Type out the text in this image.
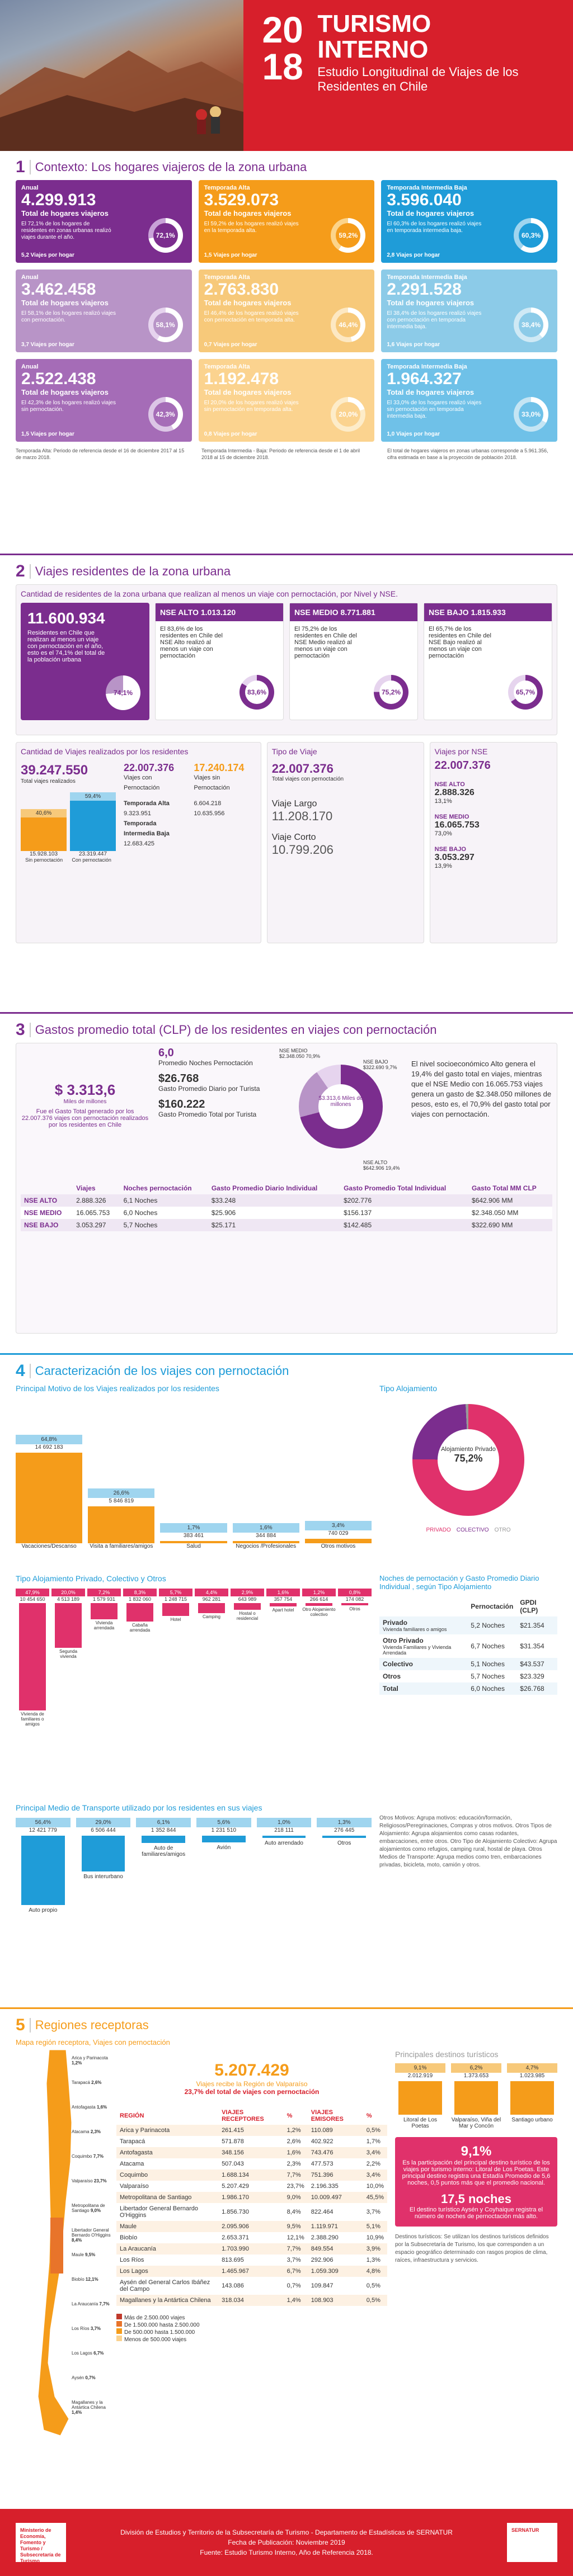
20
18
TURISMO
INTERNO
Estudio Longitudinal de Viajes de los Residentes en Chile
1 Contexto: Los hogares viajeros de la zona urbana
Anual
4.299.913
Total de hogares viajeros
El 72,1% de los hogares de residentes en zonas urbanas realizó viajes durante el año.
5,2 Viajes por hogar
72,1%
Temporada Alta
3.529.073
Total de hogares viajeros
El 59,2% de los hogares realizó viajes en la temporada alta.
1,5 Viajes por hogar
59,2%
Temporada Intermedia Baja
3.596.040
Total de hogares viajeros
El 60,3% de los hogares realizó viajes en temporada intermedia baja.
2,8 Viajes por hogar
60,3%
Anual
3.462.458
Total de hogares viajeros
El 58,1% de los hogares realizó viajes con pernoctación.
3,7 Viajes por hogar
58,1%
Temporada Alta
2.763.830
Total de hogares viajeros
El 46,4% de los hogares realizó viajes con pernoctación en temporada alta.
0,7 Viajes por hogar
46,4%
Temporada Intermedia Baja
2.291.528
Total de hogares viajeros
El 38,4% de los hogares realizó viajes con pernoctación en temporada intermedia baja.
1,6 Viajes por hogar
38,4%
Anual
2.522.438
Total de hogares viajeros
El 42,3% de los hogares realizó viajes sin pernoctación.
1,5 Viajes por hogar
42,3%
Temporada Alta
1.192.478
Total de hogares viajeros
El 20,0% de los hogares realizó viajes sin pernoctación en temporada alta.
0,8 Viajes por hogar
20,0%
Temporada Intermedia Baja
1.964.327
Total de hogares viajeros
El 33,0% de los hogares realizó viajes sin pernoctación en temporada intermedia baja.
1,0 Viajes por hogar
33,0%

Temporada Alta: Periodo de referencia desde el 16 de diciembre 2017 al 15 de marzo 2018.

Temporada Intermedia - Baja: Periodo de referencia desde el 1 de abril 2018 al 15 de diciembre 2018.

El total de hogares viajeros en zonas urbanas corresponde a 5.961.356, cifra estimada en base a la proyección de población 2018.

2 Viajes residentes de la zona urbana
Cantidad de residentes de la zona urbana que realizan al menos un viaje con pernoctación, por Nivel y NSE.
11.600.934
Residentes en Chile que realizan al menos un viaje con pernoctación en el año, esto es el 74,1% del total de la población urbana
74,1%
NSE ALTO 1.013.120
El 83,6% de los residentes en Chile del NSE Alto realizó al menos un viaje con pernoctación
83,6%
NSE MEDIO 8.771.881
El 75,2% de los residentes en Chile del NSE Medio realizó al menos un viaje con pernoctación
75,2%
NSE BAJO 1.815.933
El 65,7% de los residentes en Chile del NSE Bajo realizó al menos un viaje con pernoctación
65,7%
Cantidad de Viajes realizados por los residentes
39.247.550
Total viajes realizados
40,6%
15.928.103
59,4%
23.319.447
Sin pernoctación Con pernoctación
22.007.376
Viajes con Pernoctación
Temporada Alta 9.323.951
Temporada Intermedia Baja 12.683.425
17.240.174
Viajes sin Pernoctación
6.604.218
10.635.956
Tipo de Viaje
22.007.376
Total viajes con pernoctación
Viaje Largo
11.208.170
Viaje Corto
10.799.206
Viajes por NSE
22.007.376
NSE ALTO
2.888.326
13,1%
NSE MEDIO
16.065.753
73,0%
NSE BAJO
3.053.297
13,9%
3 Gastos promedio total (CLP) de los residentes en viajes con pernoctación
$ 3.313,6
Miles de millones
Fue el Gasto Total generado por los 22.007.376 viajes con pernoctación realizados por los residentes en Chile
6,0
Promedio Noches Pernoctación
$26.768
Gasto Promedio Diario por Turista
$160.222
Gasto Promedio Total por Turista
$3.313,6 Miles de millones
NSE MEDIO $2.348.050 70,9%
NSE BAJO $322.690 9,7%
NSE ALTO $642.906 19,4%
El nivel socioeconómico Alto genera el 19,4% del gasto total en viajes, mientras que el NSE Medio con 16.065.753 viajes genera un gasto de $2.348.050 millones de pesos, esto es, el 70,9% del gasto total por viajes con pernoctación.
	Viajes	Noches pernoctación	Gasto Promedio Diario Individual	Gasto Promedio Total Individual	Gasto Total MM CLP
NSE ALTO	2.888.326	6,1 Noches	$33.248	$202.776	$642.906 MM
NSE MEDIO	16.065.753	6,0 Noches	$25.906	$156.137	$2.348.050 MM
NSE BAJO	3.053.297	5,7 Noches	$25.171	$142.485	$322.690 MM
4 Caracterización de los viajes con pernoctación
Principal Motivo de los Viajes realizados por los residentes
64,8%
14 692 183
Vacaciones/Descanso
26,6%
5 846 819
Visita a familiares/amigos
1,7%
383 461
Salud
1,6%
344 884
Negocios /Profesionales
3,4%
740 029
Otros motivos
Tipo Alojamiento
Alojamiento Privado
75,2%
PRIVADO COLECTIVO OTRO
Tipo Alojamiento Privado, Colectivo y Otros
47,9%
10 454 650
Vivienda de familiares o amigos
20,0%
4 513 189
Segunda vivienda
7,2%
1 579 931
Vivienda arrendada
8,3%
1 832 060
Cabaña arrendada
5,7%
1 248 715
Hotel
4,4%
962 281
Camping
2,9%
643 989
Hostal o residencial
1,6%
357 754
Apart hotel
1,2%
266 614
Otro Alojamiento colectivo
0,8%
174 082
Otros
Noches de pernoctación y Gasto Promedio Diario Individual , según Tipo Alojamiento
	Pernoctación	GPDI (CLP)
Privado
Vivienda familiares o amigos	5,2 Noches	$21.354
Otro Privado
Vivienda Familiares y Vivienda Arrendada	6,7 Noches	$31.354
Colectivo	5,1 Noches	$43.537
Otros	5,7 Noches	$23.329
Total	6,0 Noches	$26.768
Principal Medio de Transporte utilizado por los residentes en sus viajes
56,4%
12 421 779
Auto propio
29,0%
6 506 444
Bus interurbano
6,1%
1 352 844
Auto de familiares/amigos
5,6%
1 231 510
Avión
1,0%
218 111
Auto arrendado
1,3%
276 445
Otros
Otros Motivos: Agrupa motivos: educación/formación, Religiosos/Peregrinaciones, Compras y otros motivos. Otros Tipos de Alojamiento: Agrupa alojamientos como casas rodantes, embarcaciones, entre otros. Otro Tipo de Alojamiento Colectivo: Agrupa alojamientos como refugios, camping rural, hostal de playa. Otros Medios de Transporte: Agrupa medios como tren, embarcaciones privadas, bicicleta, moto, camión y otros.
5 Regiones receptoras
Mapa región receptora, Viajes con pernoctación
Arica y Parinacota 1,2%
Tarapacá 2,6%
Antofagasta 1,6%
Atacama 2,3%
Coquimbo 7,7%
Valparaíso 23,7%
Metropolitana de Santiago 9,0%
Libertador General Bernardo O'Higgins 8,4%
Maule 9,5%
Biobío 12,1%
La Araucanía 7,7%
Los Ríos 3,7%
Los Lagos 6,7%
Aysén 0,7%
Magallanes y la Antártica Chilena 1,4%
5.207.429
Viajes recibe la Región de Valparaíso
23,7% del total de viajes con pernoctación
REGIÓN	VIAJES RECEPTORES	%	VIAJES EMISORES	%
Arica y Parinacota	261.415	1,2%	110.089	0,5%
Tarapacá	571.878	2,6%	402.922	1,7%
Antofagasta	348.156	1,6%	743.476	3,4%
Atacama	507.043	2,3%	477.573	2,2%
Coquimbo	1.688.134	7,7%	751.396	3,4%
Valparaíso	5.207.429	23,7%	2.196.335	10,0%
Metropolitana de Santiago	1.986.170	9,0%	10.009.497	45,5%
Libertador General Bernardo O'Higgins	1.856.730	8,4%	822.464	3,7%
Maule	2.095.906	9,5%	1.119.971	5,1%
Biobío	2.653.371	12,1%	2.388.290	10,9%
La Araucanía	1.703.990	7,7%	849.554	3,9%
Los Ríos	813.695	3,7%	292.906	1,3%
Los Lagos	1.465.967	6,7%	1.059.309	4,8%
Aysén del General Carlos Ibáñez del Campo	143.086	0,7%	109.847	0,5%
Magallanes y la Antártica Chilena	318.034	1,4%	108.903	0,5%
Más de 2.500.000 viajes
De 1.500.000 hasta 2.500.000
De 500.000 hasta 1.500.000
Menos de 500.000 viajes
Principales destinos turísticos
9,1%
2.012.919
Litoral de Los Poetas
6,2%
1.373.653
Valparaíso, Viña del Mar y Concón
4,7%
1.023.985
Santiago urbano
9,1%
Es la participación del principal destino turístico de los viajes por turismo interno: Litoral de Los Poetas. Este principal destino registra una Estadía Promedio de 5,6 noches, 0,5 puntos más que el promedio nacional.
17,5 noches
El destino turístico Aysén y Coyhaique registra el número de noches de pernoctación más alto.
Destinos turísticos: Se utilizan los destinos turísticos definidos por la Subsecretaría de Turismo, los que corresponden a un espacio geográfico determinado con rasgos propios de clima, raíces, infraestructura y servicios.
Ministerio de Economía, Fomento y Turismo / Subsecretaría de Turismo
División de Estudios y Territorio de la Subsecretaría de Turismo - Departamento de Estadísticas de SERNATUR
Fecha de Publicación: Noviembre 2019
Fuente: Estudio Turismo Interno, Año de Referencia 2018.
SERNATUR
